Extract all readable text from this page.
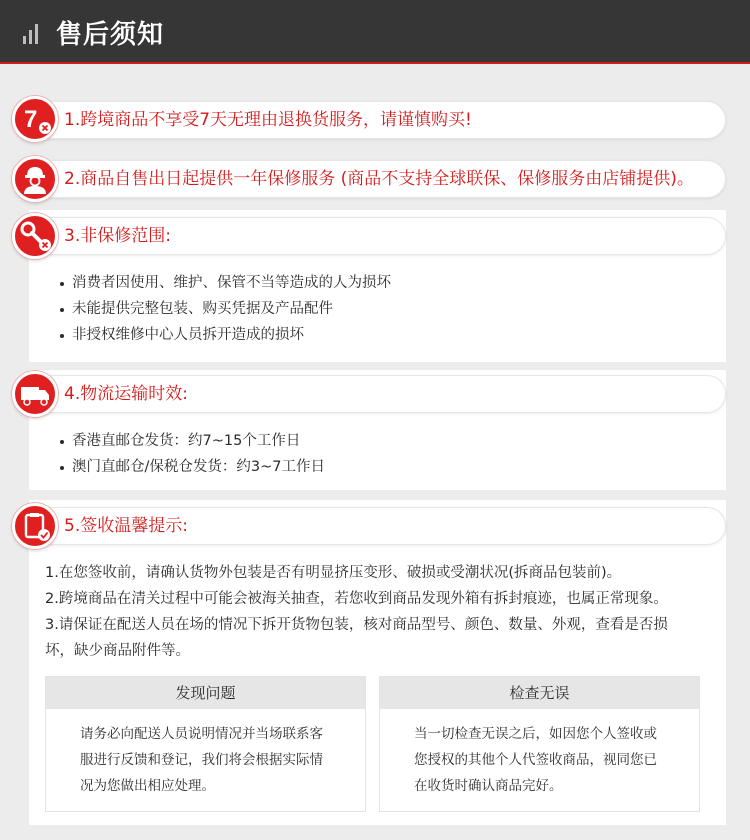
售后须知
1.跨境商品不享受7天无理由退换货服务，请谨慎购买!
7
2.商品自售出日起提供一年保修服务 (商品不支持全球联保、保修服务由店铺提供)。
3.非保修范围:
消费者因使用、维护、保管不当等造成的人为损坏
未能提供完整包装、购买凭据及产品配件
非授权维修中心人员拆开造成的损坏
4.物流运输时效:
香港直邮仓发货：约7~15个工作日
澳门直邮仓/保税仓发货：约3~7工作日
5.签收温馨提示:
1.在您签收前，请确认货物外包装是否有明显挤压变形、破损或受潮状况(拆商品包装前)。
2.跨境商品在清关过程中可能会被海关抽查，若您收到商品发现外箱有拆封痕迹，也属正常现象。
3.请保证在配送人员在场的情况下拆开货物包装，核对商品型号、颜色、数量、外观，查看是否损
坏，缺少商品附件等。
发现问题
请务必向配送人员说明情况并当场联系客
服进行反馈和登记，我们将会根据实际情
况为您做出相应处理。
检查无误
当一切检查无误之后，如因您个人签收或
您授权的其他个人代签收商品，视同您已
在收货时确认商品完好。
